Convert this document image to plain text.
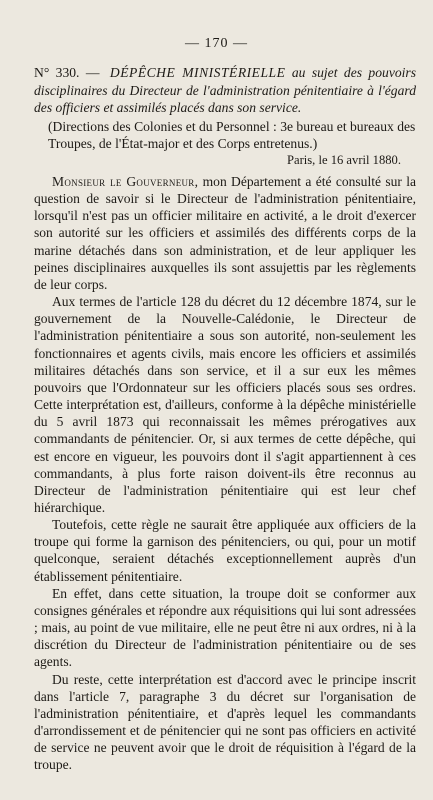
— 170 —
N° 330. — DÉPÊCHE MINISTÉRIELLE au sujet des pouvoirs disciplinaires du Directeur de l'administration pénitentiaire à l'égard des officiers et assimilés placés dans son service.
(Directions des Colonies et du Personnel : 3e bureau et bureaux des Troupes, de l'État-major et des Corps entretenus.)
Paris, le 16 avril 1880.

Monsieur le Gouverneur, mon Département a été consulté sur la question de savoir si le Directeur de l'administration pénitentiaire, lorsqu'il n'est pas un officier militaire en activité, a le droit d'exercer son autorité sur les officiers et assimilés des différents corps de la marine détachés dans son administration, et de leur appliquer les peines disciplinaires auxquelles ils sont assujettis par les règlements de leur corps.

Aux termes de l'article 128 du décret du 12 décembre 1874, sur le gouvernement de la Nouvelle-Calédonie, le Directeur de l'administration pénitentiaire a sous son autorité, non-seulement les fonctionnaires et agents civils, mais encore les officiers et assimilés militaires détachés dans son service, et il a sur eux les mêmes pouvoirs que l'Ordonnateur sur les officiers placés sous ses ordres. Cette interprétation est, d'ailleurs, conforme à la dépêche ministérielle du 5 avril 1873 qui reconnaissait les mêmes prérogatives aux commandants de pénitencier. Or, si aux termes de cette dépêche, qui est encore en vigueur, les pouvoirs dont il s'agit appartiennent à ces commandants, à plus forte raison doivent-ils être reconnus au Directeur de l'administration pénitentiaire qui est leur chef hiérarchique.

Toutefois, cette règle ne saurait être appliquée aux officiers de la troupe qui forme la garnison des pénitenciers, ou qui, pour un motif quelconque, seraient détachés exceptionnellement auprès d'un établissement pénitentiaire.

En effet, dans cette situation, la troupe doit se conformer aux consignes générales et répondre aux réquisitions qui lui sont adressées ; mais, au point de vue militaire, elle ne peut être ni aux ordres, ni à la discrétion du Directeur de l'administration pénitentiaire ou de ses agents.

Du reste, cette interprétation est d'accord avec le principe inscrit dans l'article 7, paragraphe 3 du décret sur l'organisation de l'administration pénitentiaire, et d'après lequel les commandants d'arrondissement et de pénitencier qui ne sont pas officiers en activité de service ne peuvent avoir que le droit de réquisition à l'égard de la troupe.
